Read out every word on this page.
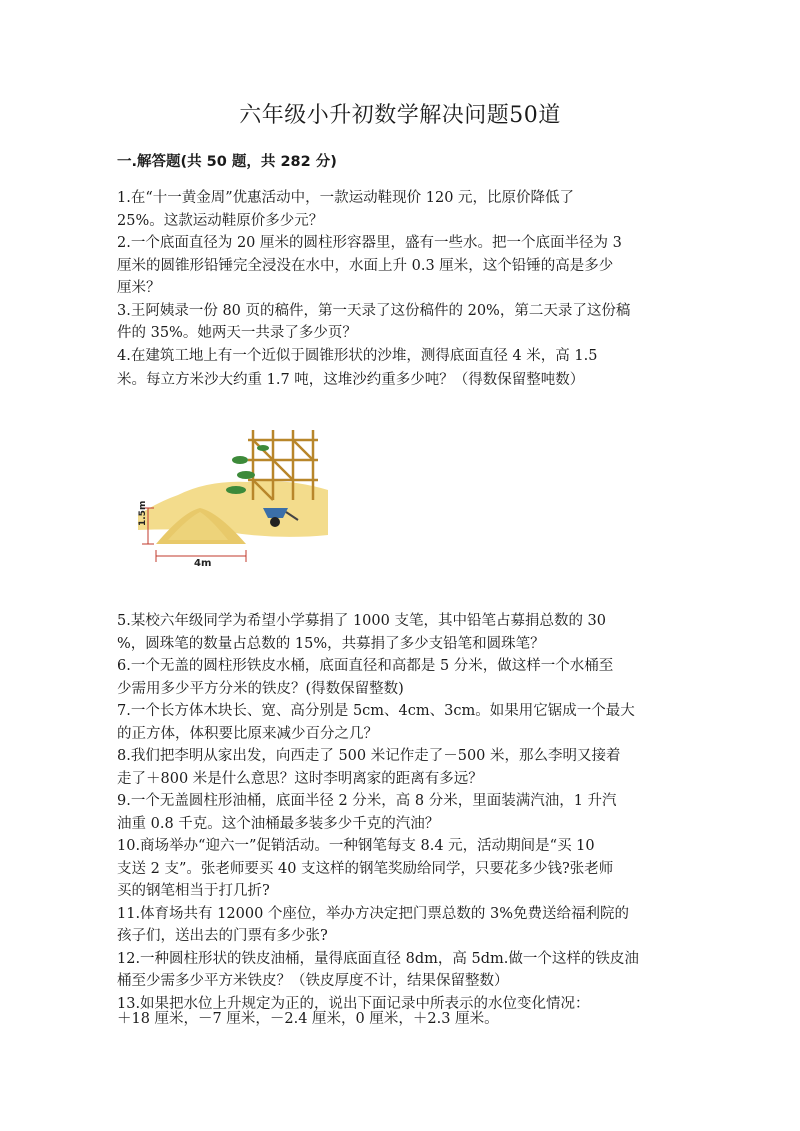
六年级小升初数学解决问题50道
一.解答题(共 50 题，共 282 分)

1.在“十一黄金周”优惠活动中，一款运动鞋现价 120 元，比原价降低了

25%。这款运动鞋原价多少元？

2.一个底面直径为 20 厘米的圆柱形容器里，盛有一些水。把一个底面半径为 3

厘米的圆锥形铅锤完全浸没在水中，水面上升 0.3 厘米，这个铅锤的高是多少

厘米？

3.王阿姨录一份 80 页的稿件，第一天录了这份稿件的 20%，第二天录了这份稿

件的 35%。她两天一共录了多少页？

4.在建筑工地上有一个近似于圆锥形状的沙堆，测得底面直径 4 米，高 1.5

米。每立方米沙大约重 1.7 吨，这堆沙约重多少吨？（得数保留整吨数）

1.5m
4m

5.某校六年级同学为希望小学募捐了 1000 支笔，其中铅笔占募捐总数的 30

%，圆珠笔的数量占总数的 15%，共募捐了多少支铅笔和圆珠笔？

6.一个无盖的圆柱形铁皮水桶，底面直径和高都是 5 分米，做这样一个水桶至

少需用多少平方分米的铁皮？(得数保留整数)

7.一个长方体木块长、宽、高分别是 5cm、4cm、3cm。如果用它锯成一个最大

的正方体，体积要比原来减少百分之几？

8.我们把李明从家出发，向西走了 500 米记作走了－500 米，那么李明又接着

走了＋800 米是什么意思？这时李明离家的距离有多远？

9.一个无盖圆柱形油桶，底面半径 2 分米，高 8 分米，里面装满汽油，1 升汽

油重 0.8 千克。这个油桶最多装多少千克的汽油？

10.商场举办“迎六一”促销活动。一种钢笔每支 8.4 元，活动期间是“买 10

支送 2 支”。张老师要买 40 支这样的钢笔奖励给同学，只要花多少钱?张老师

买的钢笔相当于打几折?

11.体育场共有 12000 个座位，举办方决定把门票总数的 3%免费送给福利院的

孩子们，送出去的门票有多少张?

12.一种圆柱形状的铁皮油桶，量得底面直径 8dm，高 5dm.做一个这样的铁皮油

桶至少需多少平方米铁皮？（铁皮厚度不计，结果保留整数）

13.如果把水位上升规定为正的，说出下面记录中所表示的水位变化情况：

＋18 厘米，－7 厘米，－2.4 厘米，0 厘米，＋2.3 厘米。
